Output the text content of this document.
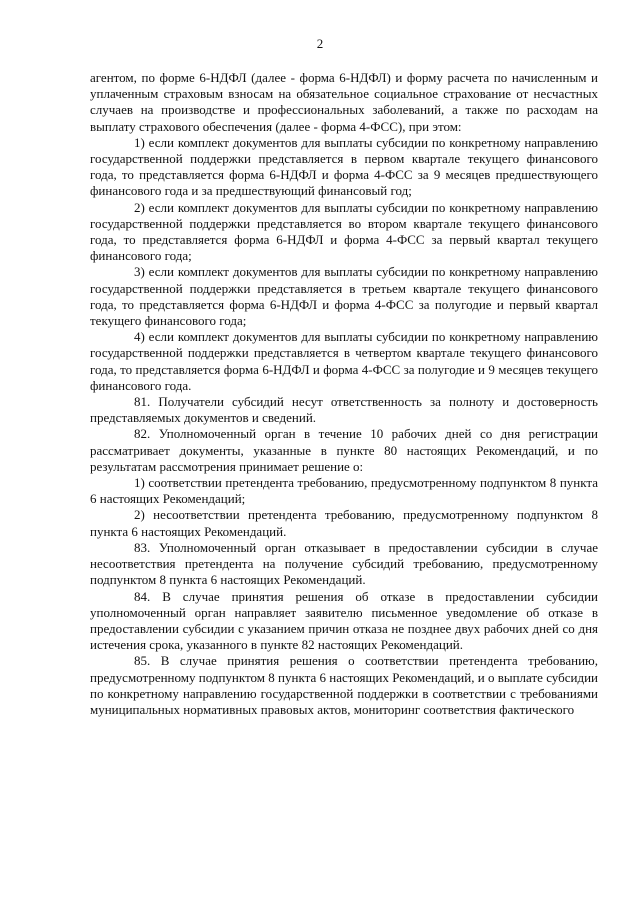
2

агентом, по форме 6-НДФЛ (далее - форма 6-НДФЛ) и форму расчета по начисленным и уплаченным страховым взносам на обязательное социальное страхование от несчастных случаев на производстве и профессиональных заболеваний, а также по расходам на выплату страхового обеспечения (далее - форма 4-ФСС), при этом:

1) если комплект документов для выплаты субсидии по конкретному направлению государственной поддержки представляется в первом квартале текущего финансового года, то представляется форма 6-НДФЛ и форма 4-ФСС за 9 месяцев предшествующего финансового года и за предшествующий финансовый год;

2) если комплект документов для выплаты субсидии по конкретному направлению государственной поддержки представляется во втором квартале текущего финансового года, то представляется форма 6-НДФЛ и форма 4-ФСС за первый квартал текущего финансового года;

3) если комплект документов для выплаты субсидии по конкретному направлению государственной поддержки представляется в третьем квартале текущего финансового года, то представляется форма 6-НДФЛ и форма 4-ФСС за полугодие и первый квартал текущего финансового года;

4) если комплект документов для выплаты субсидии по конкретному направлению государственной поддержки представляется в четвертом квартале текущего финансового года, то представляется форма 6-НДФЛ и форма 4-ФСС за полугодие и 9 месяцев текущего финансового года.

81. Получатели субсидий несут ответственность за полноту и достоверность представляемых документов и сведений.

82. Уполномоченный орган в течение 10 рабочих дней со дня регистрации рассматривает документы, указанные в пункте 80 настоящих Рекомендаций, и по результатам рассмотрения принимает решение о:

1) соответствии претендента требованию, предусмотренному подпунктом 8 пункта 6 настоящих Рекомендаций;

2) несоответствии претендента требованию, предусмотренному подпунктом 8 пункта 6 настоящих Рекомендаций.

83. Уполномоченный орган отказывает в предоставлении субсидии в случае несоответствия претендента на получение субсидий требованию, предусмотренному подпунктом 8 пункта 6 настоящих Рекомендаций.

84. В случае принятия решения об отказе в предоставлении субсидии уполномоченный орган направляет заявителю письменное уведомление об отказе в предоставлении субсидии с указанием причин отказа не позднее двух рабочих дней со дня истечения срока, указанного в пункте 82 настоящих Рекомендаций.

85. В случае принятия решения о соответствии претендента требованию, предусмотренному подпунктом 8 пункта 6 настоящих Рекомендаций, и о выплате субсидии по конкретному направлению государственной поддержки в соответствии с требованиями муниципальных нормативных правовых актов, мониторинг соответствия фактического
